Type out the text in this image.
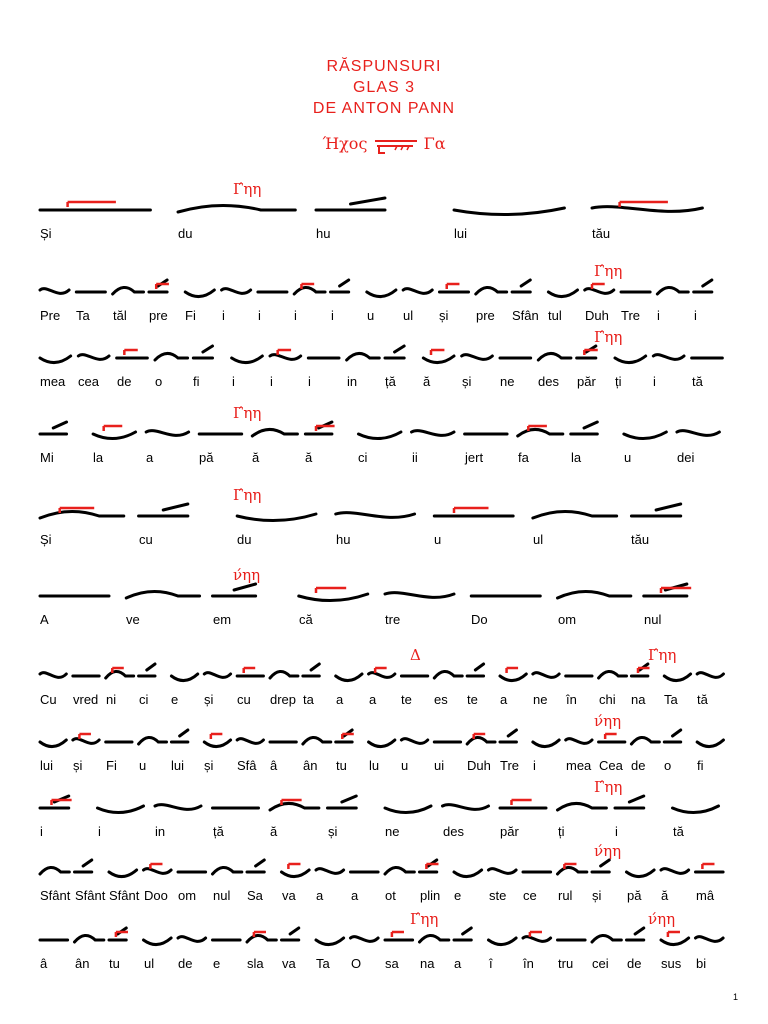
RĂSPUNSURI
GLAS 3
DE ANTON PANN
Ήχος	Γα
Γ́ηη
Și	du	hu	lui	tău
Γ́ηη
Pre Ta tăl pre Fi i	i	i	i	u ul și pre Sfân tul Duh Tre i	i
Γ́ηη
mea cea de o fi	i	i	i	in ță ă și ne des păr ți i	tă
Γ́ηη
Mi	la	a	pă	ă	ă	ci	ii	jert	fa	la	u	dei
Γ́ηη
Și	cu	du	hu	u	ul	tău
ν́ηη
A	ve	em	că	tre	Do	om	nul
Δ	Γ́ηη
Cu vred ni ci e și cu drep ta a a te es te a ne în chi na Ta tă
ν́ηη
lui și Fi u lui și Sfâ â ân tu lu u ui Duh Tre i mea Cea de o fi
Γ́ηη
i	i	in	ță	ă	și	ne	des	păr	ți	i	tă
ν́ηη
Sfânt Sfânt Sfânt Doo om nul Sa va a a ot plin e ste ce rul și pă ă mâ
Γ́ηη	ν́ηη
â ân tu ul de e sla va Ta O sa na a î în tru cei de sus bi
1
